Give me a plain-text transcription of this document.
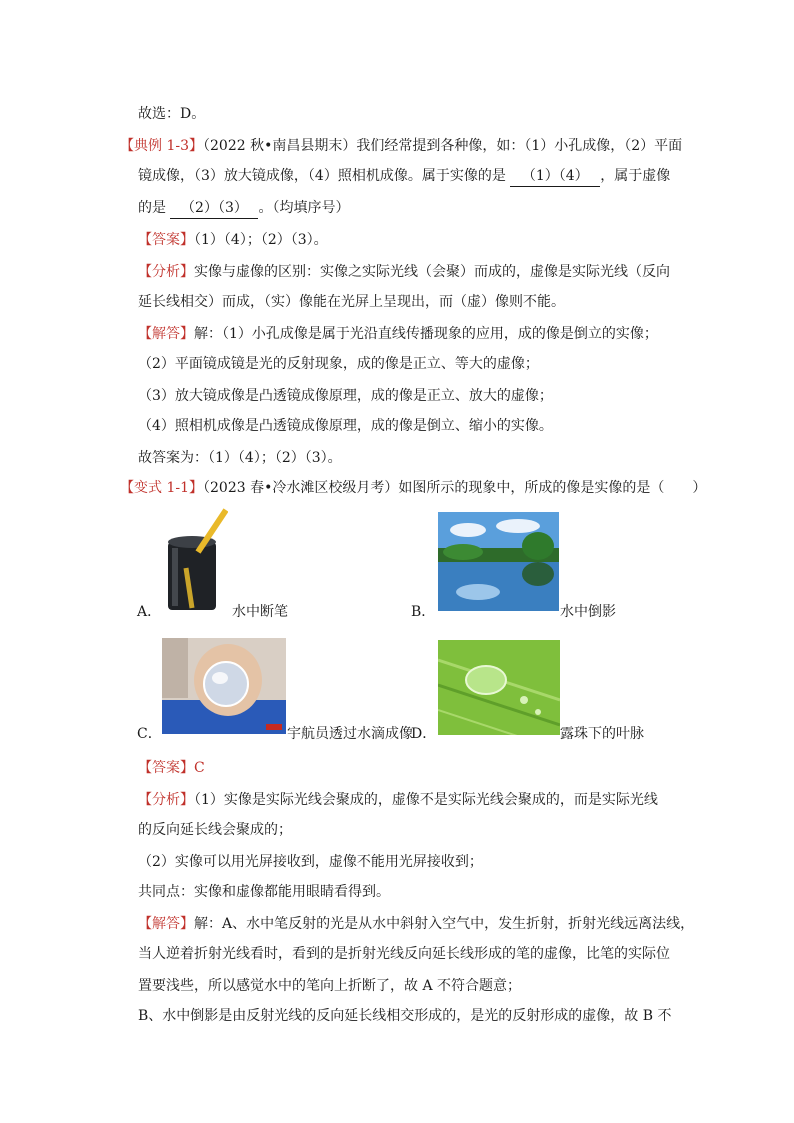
故选：D。
【典例 1-3】（2022 秋•南昌县期末）我们经常提到各种像，如：（1）小孔成像，（2）平面
镜成像，（3）放大镜成像，（4）照相机成像。属于实像的是 （1）（4） ，属于虚像
的是 （2）（3） 。（均填序号）
【答案】（1）（4）；（2）（3）。
【分析】实像与虚像的区别：实像之实际光线（会聚）而成的，虚像是实际光线（反向
延长线相交）而成，（实）像能在光屏上呈现出，而（虚）像则不能。
【解答】解：（1）小孔成像是属于光沿直线传播现象的应用，成的像是倒立的实像；
（2）平面镜成镜是光的反射现象，成的像是正立、等大的虚像；
（3）放大镜成像是凸透镜成像原理，成的像是正立、放大的虚像；
（4）照相机成像是凸透镜成像原理，成的像是倒立、缩小的实像。
故答案为：（1）（4）；（2）（3）。
【变式 1-1】（2023 春•冷水滩区校级月考）如图所示的现象中，所成的像是实像的是（　　）
A．	水中断笔	B．	水中倒影
C．	宇航员透过水滴成像
D．	露珠下的叶脉
【答案】C
【分析】（1）实像是实际光线会聚成的，虚像不是实际光线会聚成的，而是实际光线
的反向延长线会聚成的；
（2）实像可以用光屏接收到，虚像不能用光屏接收到；
共同点：实像和虚像都能用眼睛看得到。
【解答】解：A、水中笔反射的光是从水中斜射入空气中，发生折射，折射光线远离法线，
当人逆着折射光线看时，看到的是折射光线反向延长线形成的笔的虚像，比笔的实际位
置要浅些，所以感觉水中的笔向上折断了，故 A 不符合题意；
B、水中倒影是由反射光线的反向延长线相交形成的，是光的反射形成的虚像，故 B 不
